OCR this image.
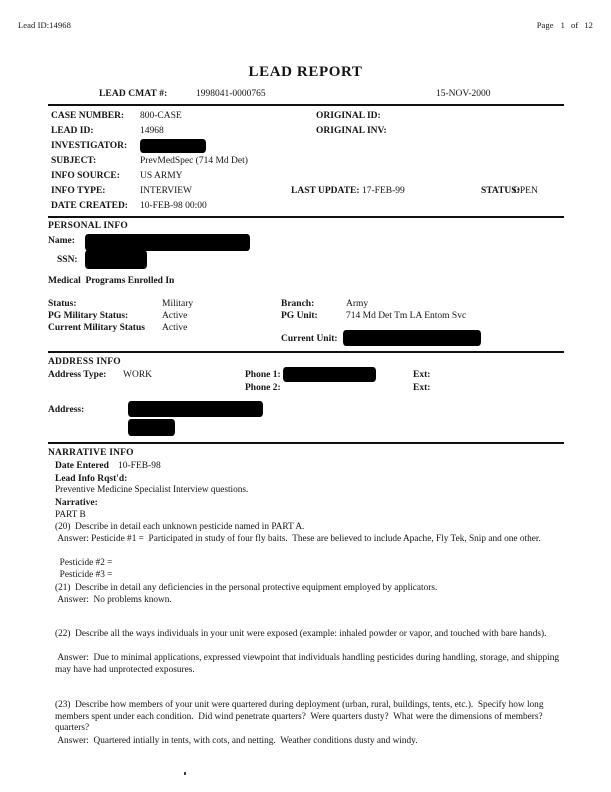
Lead ID:14968	Page 1 of 12
LEAD REPORT
LEAD CMAT #:	1998041-0000765	15-NOV-2000
CASE NUMBER: 800-CASE
LEAD ID:	14968
INVESTIGATOR:
SUBJECT:	PrevMedSpec (714 Md Det)
INFO SOURCE: US ARMY
INFO TYPE:	INTERVIEW
DATE CREATED: 10-FEB-98 00:00
ORIGINAL ID:
ORIGINAL INV:
LAST UPDATE: 17-FEB-99	STATUS:
OPEN
PERSONAL INFO
Name:
SSN:
Medical  Programs Enrolled In
Status:	Military
PG Military Status:	Active
Current Military Status Active
Branch:	Army
PG Unit:	714 Md Det Tm LA Entom Svc
Current Unit:
ADDRESS INFO
Address Type: WORK	Phone 1:
Phone 2:
Ext:
Ext:
Address:
NARRATIVE INFO
Date Entered 10-FEB-98
Lead Info Rqst'd:
Preventive Medicine Specialist Interview questions.
Narrative:
PART B
(20)  Describe in detail each unknown pesticide named in PART A.
Answer: Pesticide #1 =  Participated in study of four fly baits.  These are believed to include Apache, Fly Tek, Snip and one other.
Pesticide #2 =
Pesticide #3 =
(21)  Describe in detail any deficiencies in the personal protective equipment employed by applicators.
Answer:  No problems known.
(22)  Describe all the ways individuals in your unit were exposed (example: inhaled powder or vapor, and touched with bare hands).
Answer:  Due to minimal applications, expressed viewpoint that individuals handling pesticides during handling, storage, and shipping may have had unprotected exposures.
(23)  Describe how members of your unit were quartered during deployment (urban, rural, buildings, tents, etc.).  Specify how long members spent under each condition.  Did wind penetrate quarters?  Were quarters dusty?  What were the dimensions of members? quarters?
Answer:  Quartered intially in tents, with cots, and netting.  Weather conditions dusty and windy.
